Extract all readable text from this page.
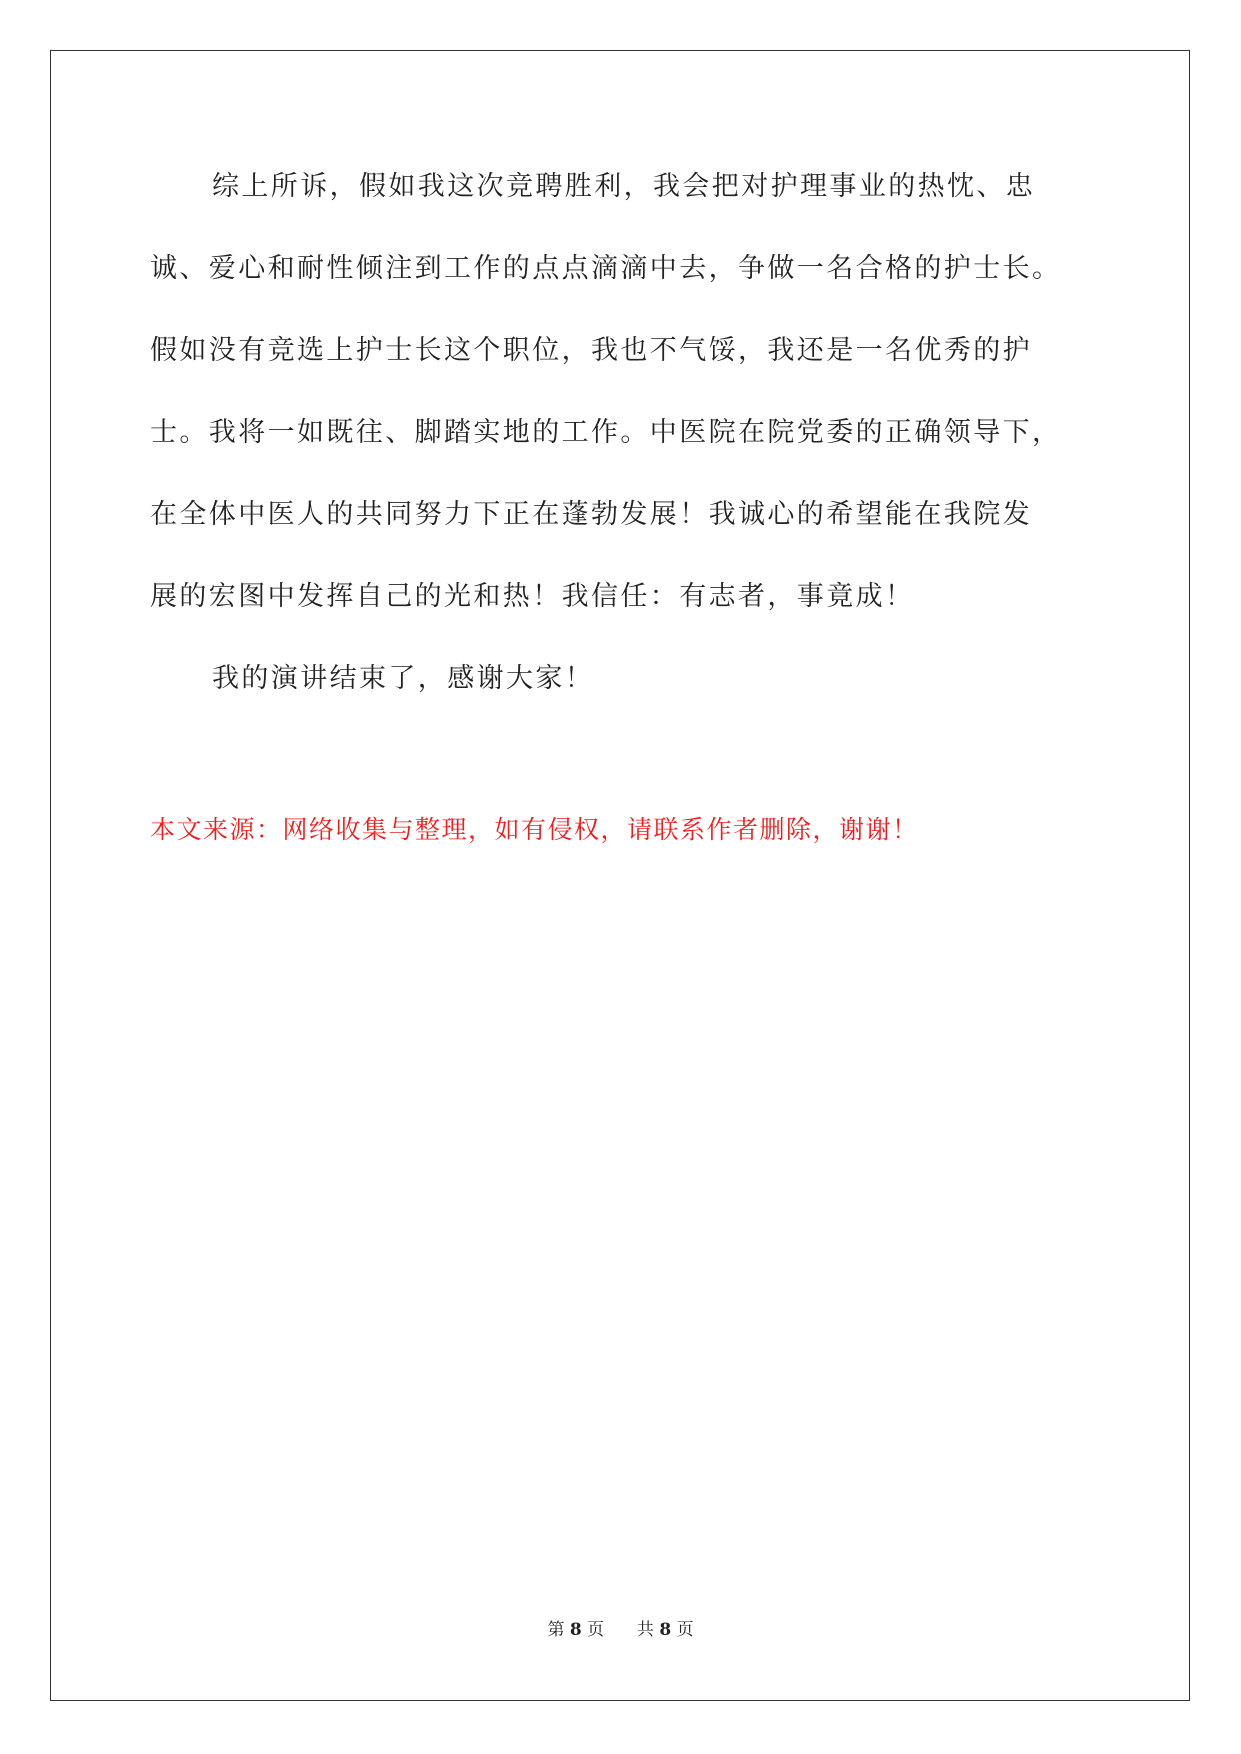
综上所诉，假如我这次竞聘胜利，我会把对护理事业的热忱、忠
诚、爱心和耐性倾注到工作的点点滴滴中去，争做一名合格的护士长。
假如没有竞选上护士长这个职位，我也不气馁，我还是一名优秀的护
士。我将一如既往、脚踏实地的工作。中医院在院党委的正确领导下，
在全体中医人的共同努力下正在蓬勃发展！我诚心的希望能在我院发
展的宏图中发挥自己的光和热！我信任：有志者，事竟成！
我的演讲结束了，感谢大家！
本文来源：网络收集与整理，如有侵权，请联系作者删除，谢谢！
第 8 页 共 8 页
